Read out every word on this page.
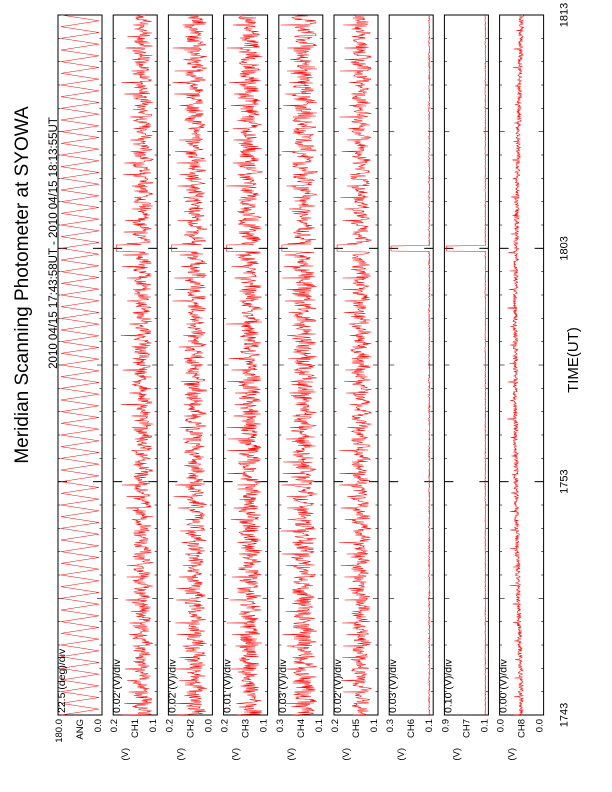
Meridian Scanning Photometer at SYOWA 2010 04/15 17:43:58UT - 2010 04/15 18:13:55UT	TIME(UT)
22.5 (deg)/div
180.0	0.0
ANG
0.02 (V)/div
0.2	0.1
CH1
(V)
0.02 (V)/div
0.2	0.0
CH2
(V)
0.01 (V)/div
0.2	0.1
CH3
(V)
0.03 (V)/div
0.3	0.1
CH4
(V)
0.02 (V)/div
0.2	0.1
CH5
(V)
0.03 (V)/div
0.3	0.1
CH6
(V)
0.10 (V)/div
0.9	0.1
CH7
(V)
0.00 (V)/div
0.0	0.0
CH8
(V)
1743
1753
1803
1813
